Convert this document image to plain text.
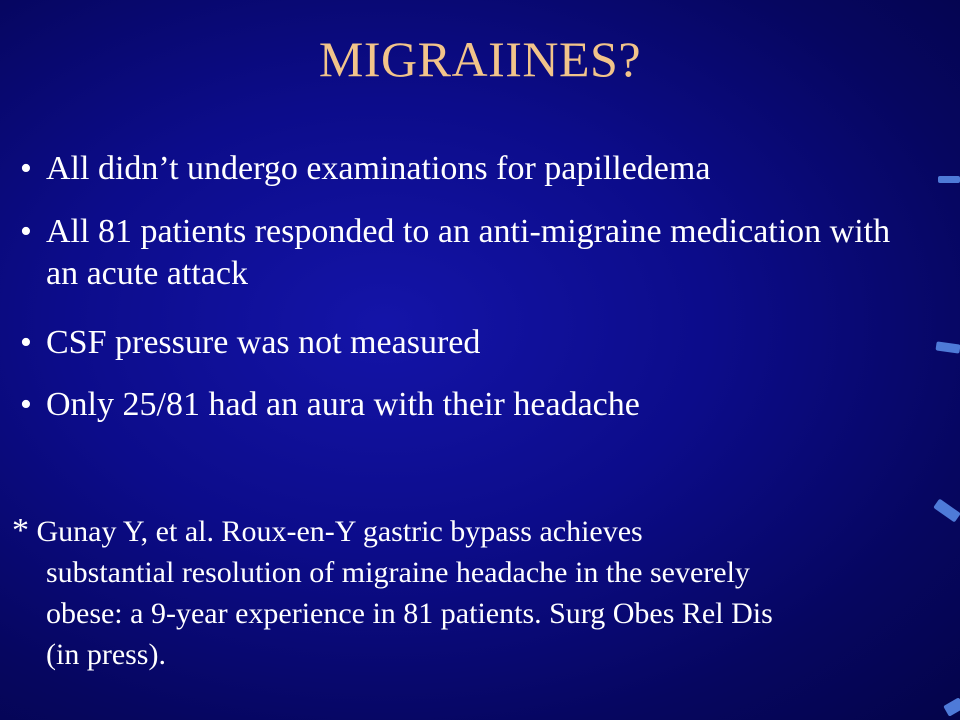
MIGRAIINES?
• All didn’t undergo examinations for papilledema
• All 81 patients responded to an anti-migraine medication with an acute attack
• CSF pressure was not measured
• Only 25/81 had an aura with their headache
* Gunay Y, et al. Roux-en-Y gastric bypass achieves
substantial resolution of migraine headache in the severely
obese: a 9-year experience in 81 patients. Surg Obes Rel Dis
(in press).
